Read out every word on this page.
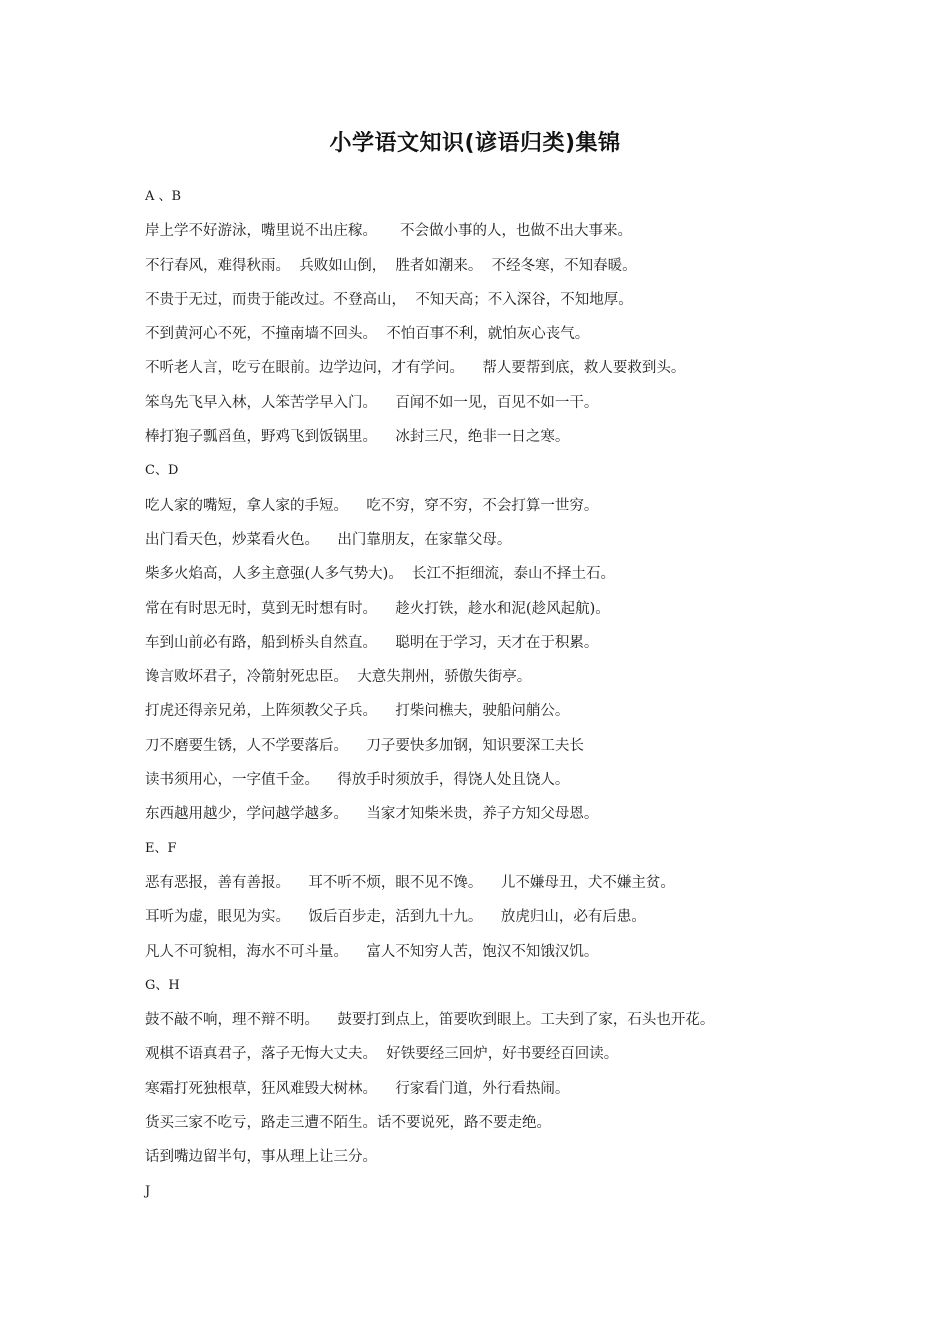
小学语文知识(谚语归类)集锦
A 、B
岸上学不好游泳，嘴里说不出庄稼。     不会做小事的人，也做不出大事来。
不行春风，难得秋雨。  兵败如山倒，  胜者如潮来。  不经冬寒，不知春暖。
不贵于无过，而贵于能改过。不登高山，  不知天高；不入深谷，不知地厚。
不到黄河心不死，不撞南墙不回头。  不怕百事不利，就怕灰心丧气。
不听老人言，吃亏在眼前。边学边问，才有学问。    帮人要帮到底，救人要救到头。
笨鸟先飞早入林，人笨苦学早入门。    百闻不如一见，百见不如一干。
棒打狍子瓢舀鱼，野鸡飞到饭锅里。    冰封三尺，绝非一日之寒。
C、D
吃人家的嘴短，拿人家的手短。    吃不穷，穿不穷，不会打算一世穷。
出门看天色，炒菜看火色。    出门靠朋友，在家靠父母。
柴多火焰高，人多主意强(人多气势大)。  长江不拒细流，泰山不择土石。
常在有时思无时，莫到无时想有时。    趁火打铁，趁水和泥(趁风起航)。
车到山前必有路，船到桥头自然直。    聪明在于学习，天才在于积累。
谗言败坏君子，冷箭射死忠臣。  大意失荆州，骄傲失街亭。
打虎还得亲兄弟，上阵须教父子兵。    打柴问樵夫，驶船问艄公。
刀不磨要生锈，人不学要落后。    刀子要快多加钢，知识要深工夫长
读书须用心，一字值千金。    得放手时须放手，得饶人处且饶人。
东西越用越少，学问越学越多。    当家才知柴米贵，养子方知父母恩。
E、F
恶有恶报，善有善报。    耳不听不烦，眼不见不馋。    儿不嫌母丑，犬不嫌主贫。
耳听为虚，眼见为实。    饭后百步走，活到九十九。    放虎归山，必有后患。
凡人不可貌相，海水不可斗量。    富人不知穷人苦，饱汉不知饿汉饥。
G、H
鼓不敲不响，理不辩不明。    鼓要打到点上，笛要吹到眼上。工夫到了家，石头也开花。
观棋不语真君子，落子无悔大丈夫。  好铁要经三回炉，好书要经百回读。
寒霜打死独根草，狂风难毁大树林。    行家看门道，外行看热闹。
货买三家不吃亏，路走三遭不陌生。话不要说死，路不要走绝。
话到嘴边留半句，事从理上让三分。
J
